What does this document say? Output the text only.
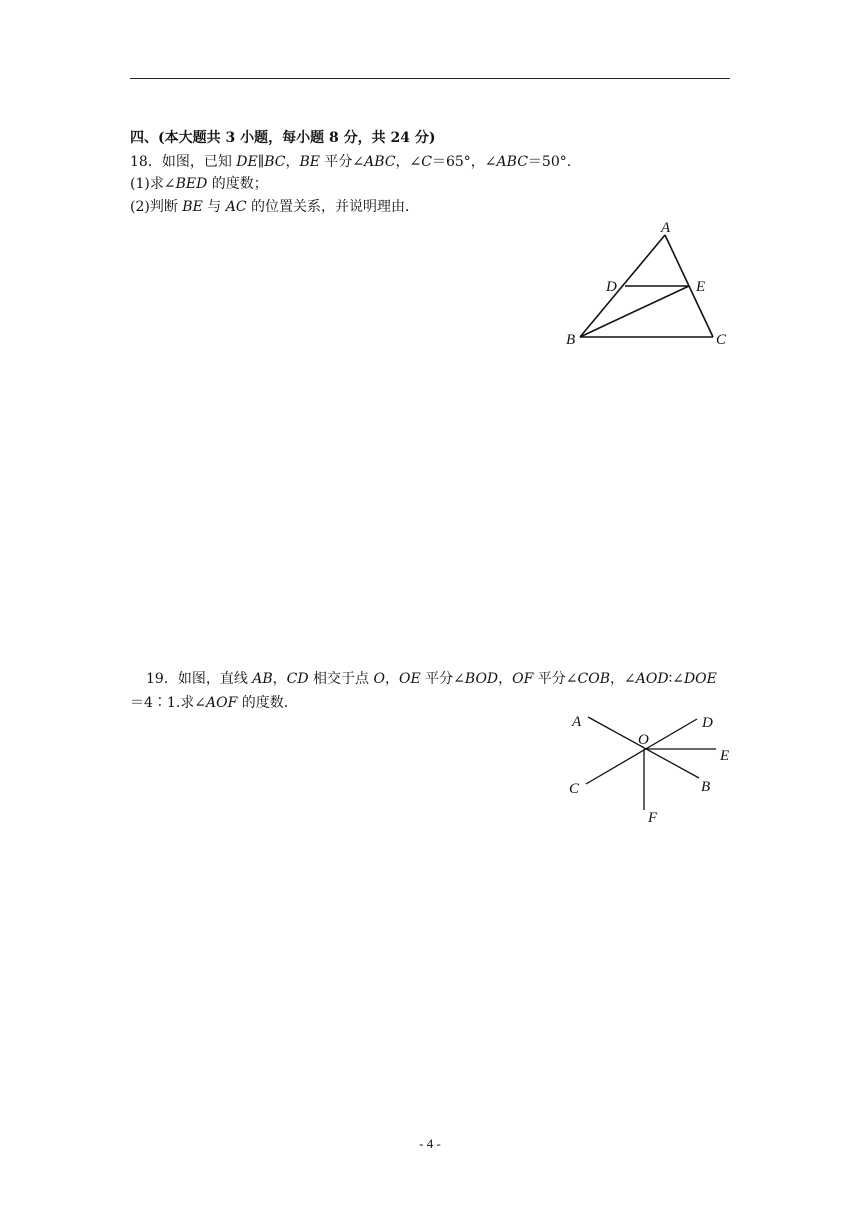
四、(本大题共 3 小题，每小题 8 分，共 24 分)
18．如图，已知 DE∥BC，BE 平分∠ABC，∠C＝65°，∠ABC＝50°.
(1)求∠BED 的度数；
(2)判断 BE 与 AC 的位置关系，并说明理由．
19．如图，直线 AB，CD 相交于点 O，OE 平分∠BOD，OF 平分∠COB，∠AOD∶∠DOE
＝4∶1.求∠AOF 的度数．
A
D	E
B	C
A	D
O
E
C	B
F
- 4 -
